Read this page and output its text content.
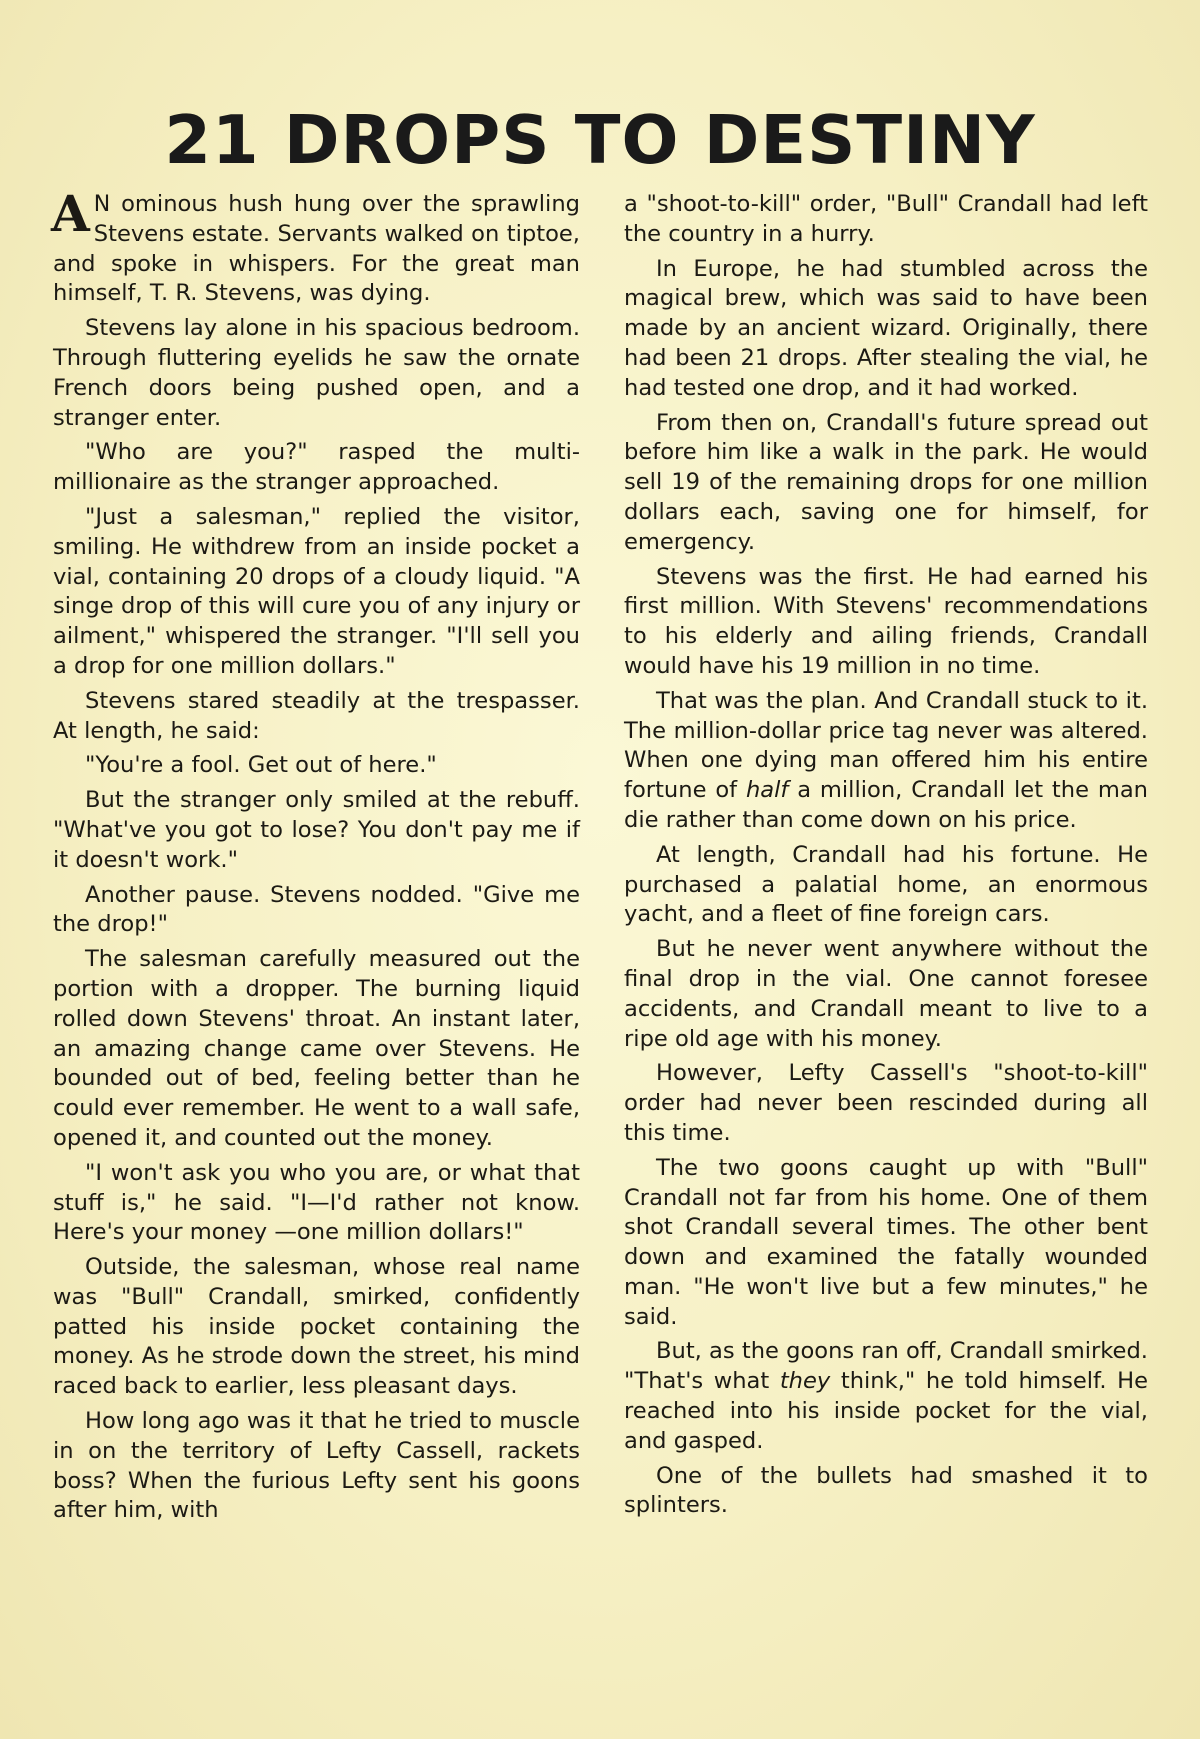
21 DROPS TO DESTINY

A N ominous hush hung over the sprawling Stevens estate. Servants walked on tiptoe, and spoke in whispers. For the great man himself, T. R. Stevens, was dying.

Stevens lay alone in his spacious bedroom. Through fluttering eyelids he saw the ornate French doors being pushed open, and a stranger enter.

"Who are you?" rasped the multi-millionaire as the stranger approached.

"Just a salesman," replied the visitor, smiling. He withdrew from an inside pocket a vial, containing 20 drops of a cloudy liquid. "A singe drop of this will cure you of any injury or ailment," whispered the stranger. "I'll sell you a drop for one million dollars."

Stevens stared steadily at the trespasser. At length, he said:

"You're a fool. Get out of here."

But the stranger only smiled at the rebuff. "What've you got to lose? You don't pay me if it doesn't work."

Another pause. Stevens nodded. "Give me the drop!"

The salesman carefully measured out the portion with a dropper. The burning liquid rolled down Stevens' throat. An instant later, an amazing change came over Stevens. He bounded out of bed, feeling better than he could ever remember. He went to a wall safe, opened it, and counted out the money.

"I won't ask you who you are, or what that stuff is," he said. "I—I'd rather not know. Here's your money —one million dollars!"

Outside, the salesman, whose real name was "Bull" Crandall, smirked, confidently patted his inside pocket containing the money. As he strode down the street, his mind raced back to earlier, less pleasant days.

How long ago was it that he tried to muscle in on the territory of Lefty Cassell, rackets boss? When the furious Lefty sent his goons after him, with

a "shoot-to-kill" order, "Bull" Crandall had left the country in a hurry.

In Europe, he had stumbled across the magical brew, which was said to have been made by an ancient wizard. Originally, there had been 21 drops. After stealing the vial, he had tested one drop, and it had worked.

From then on, Crandall's future spread out before him like a walk in the park. He would sell 19 of the remaining drops for one million dollars each, saving one for himself, for emergency.

Stevens was the first. He had earned his first million. With Stevens' recommendations to his elderly and ailing friends, Crandall would have his 19 million in no time.

That was the plan. And Crandall stuck to it. The million-dollar price tag never was altered. When one dying man offered him his entire fortune of half a million, Crandall let the man die rather than come down on his price.

At length, Crandall had his fortune. He purchased a palatial home, an enormous yacht, and a fleet of fine foreign cars.

But he never went anywhere without the final drop in the vial. One cannot foresee accidents, and Crandall meant to live to a ripe old age with his money.

However, Lefty Cassell's "shoot-to-kill" order had never been rescinded during all this time.

The two goons caught up with "Bull" Crandall not far from his home. One of them shot Crandall several times. The other bent down and examined the fatally wounded man. "He won't live but a few minutes," he said.

But, as the goons ran off, Crandall smirked. "That's what they think," he told himself. He reached into his inside pocket for the vial, and gasped.

One of the bullets had smashed it to splinters.
